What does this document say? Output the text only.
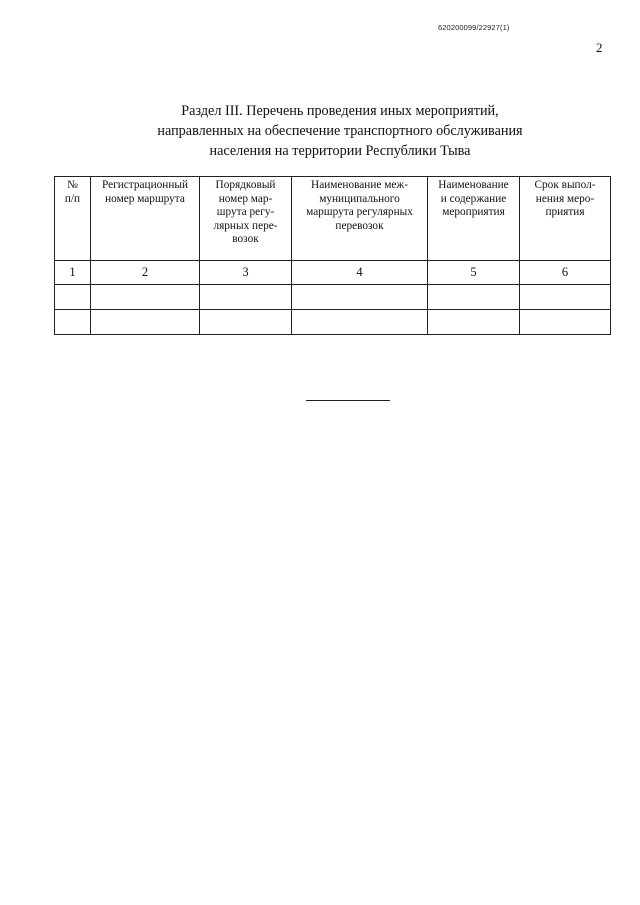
620200099/22927(1)
2
Раздел III. Перечень проведения иных мероприятий,
направленных на обеспечение транспортного обслуживания
населения на территории Республики Тыва
№
п/п	Регистрационный
номер маршрута	Порядковый
номер мар-
шрута регу-
лярных пере-
возок	Наименование меж-
муниципального
маршрута регулярных
перевозок	Наименование
и содержание
мероприятия	Срок выпол-
нения меро-
приятия

1	2	3	4	5	6
